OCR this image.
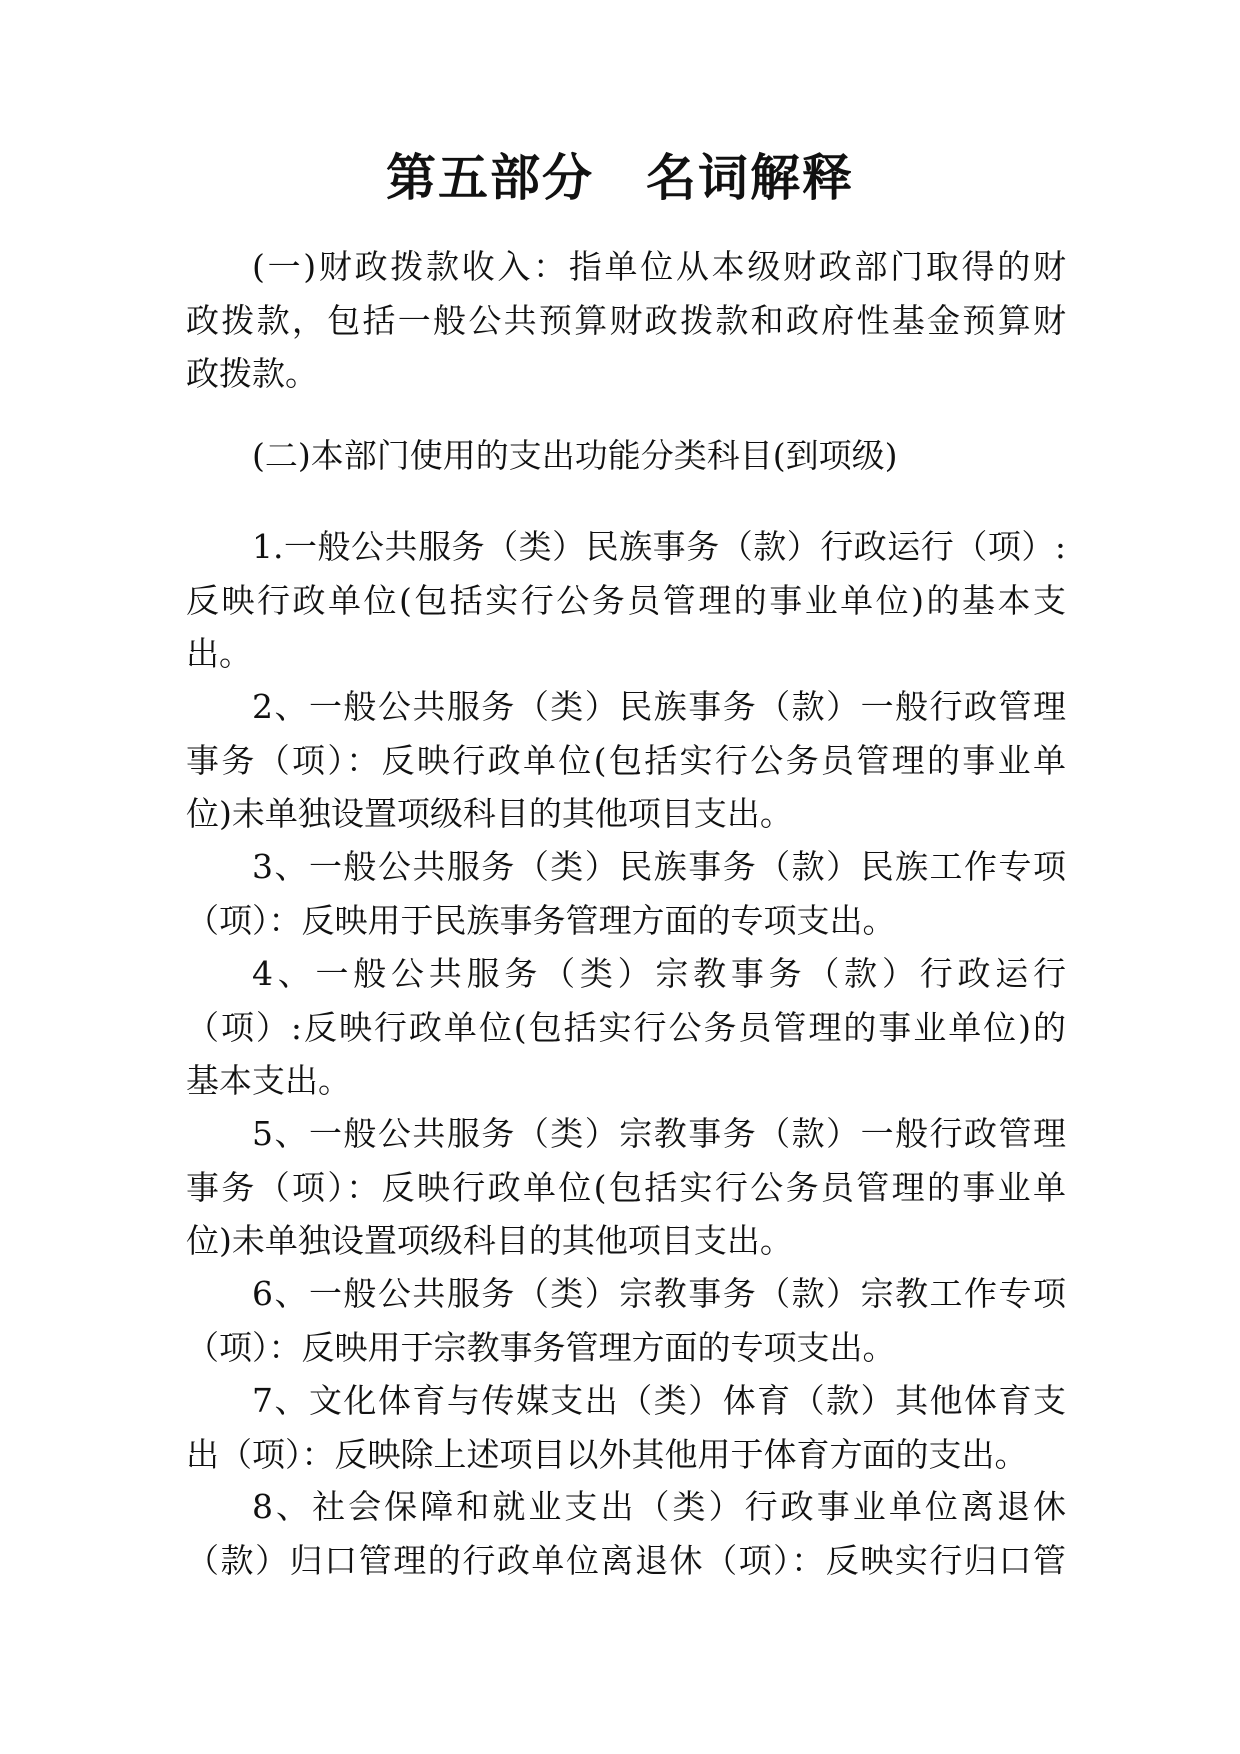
第五部分　名词解释
(一)财政拨款收入：指单位从本级财政部门取得的财
政拨款，包括一般公共预算财政拨款和政府性基金预算财
政拨款。
(二)本部门使用的支出功能分类科目(到项级)
1.一般公共服务（类）民族事务（款）行政运行（项）:
反映行政单位(包括实行公务员管理的事业单位)的基本支
出。
2、一般公共服务（类）民族事务（款）一般行政管理
事务（项）：反映行政单位(包括实行公务员管理的事业单
位)未单独设置项级科目的其他项目支出。
3、一般公共服务（类）民族事务（款）民族工作专项
（项）：反映用于民族事务管理方面的专项支出。
4、一般公共服务（类）宗教事务（款）行政运行
（项）:反映行政单位(包括实行公务员管理的事业单位)的
基本支出。
5、一般公共服务（类）宗教事务（款）一般行政管理
事务（项）：反映行政单位(包括实行公务员管理的事业单
位)未单独设置项级科目的其他项目支出。
6、一般公共服务（类）宗教事务（款）宗教工作专项
（项）：反映用于宗教事务管理方面的专项支出。
7、文化体育与传媒支出（类）体育（款）其他体育支
出（项）：反映除上述项目以外其他用于体育方面的支出。
8、社会保障和就业支出（类）行政事业单位离退休
（款）归口管理的行政单位离退休（项）：反映实行归口管
